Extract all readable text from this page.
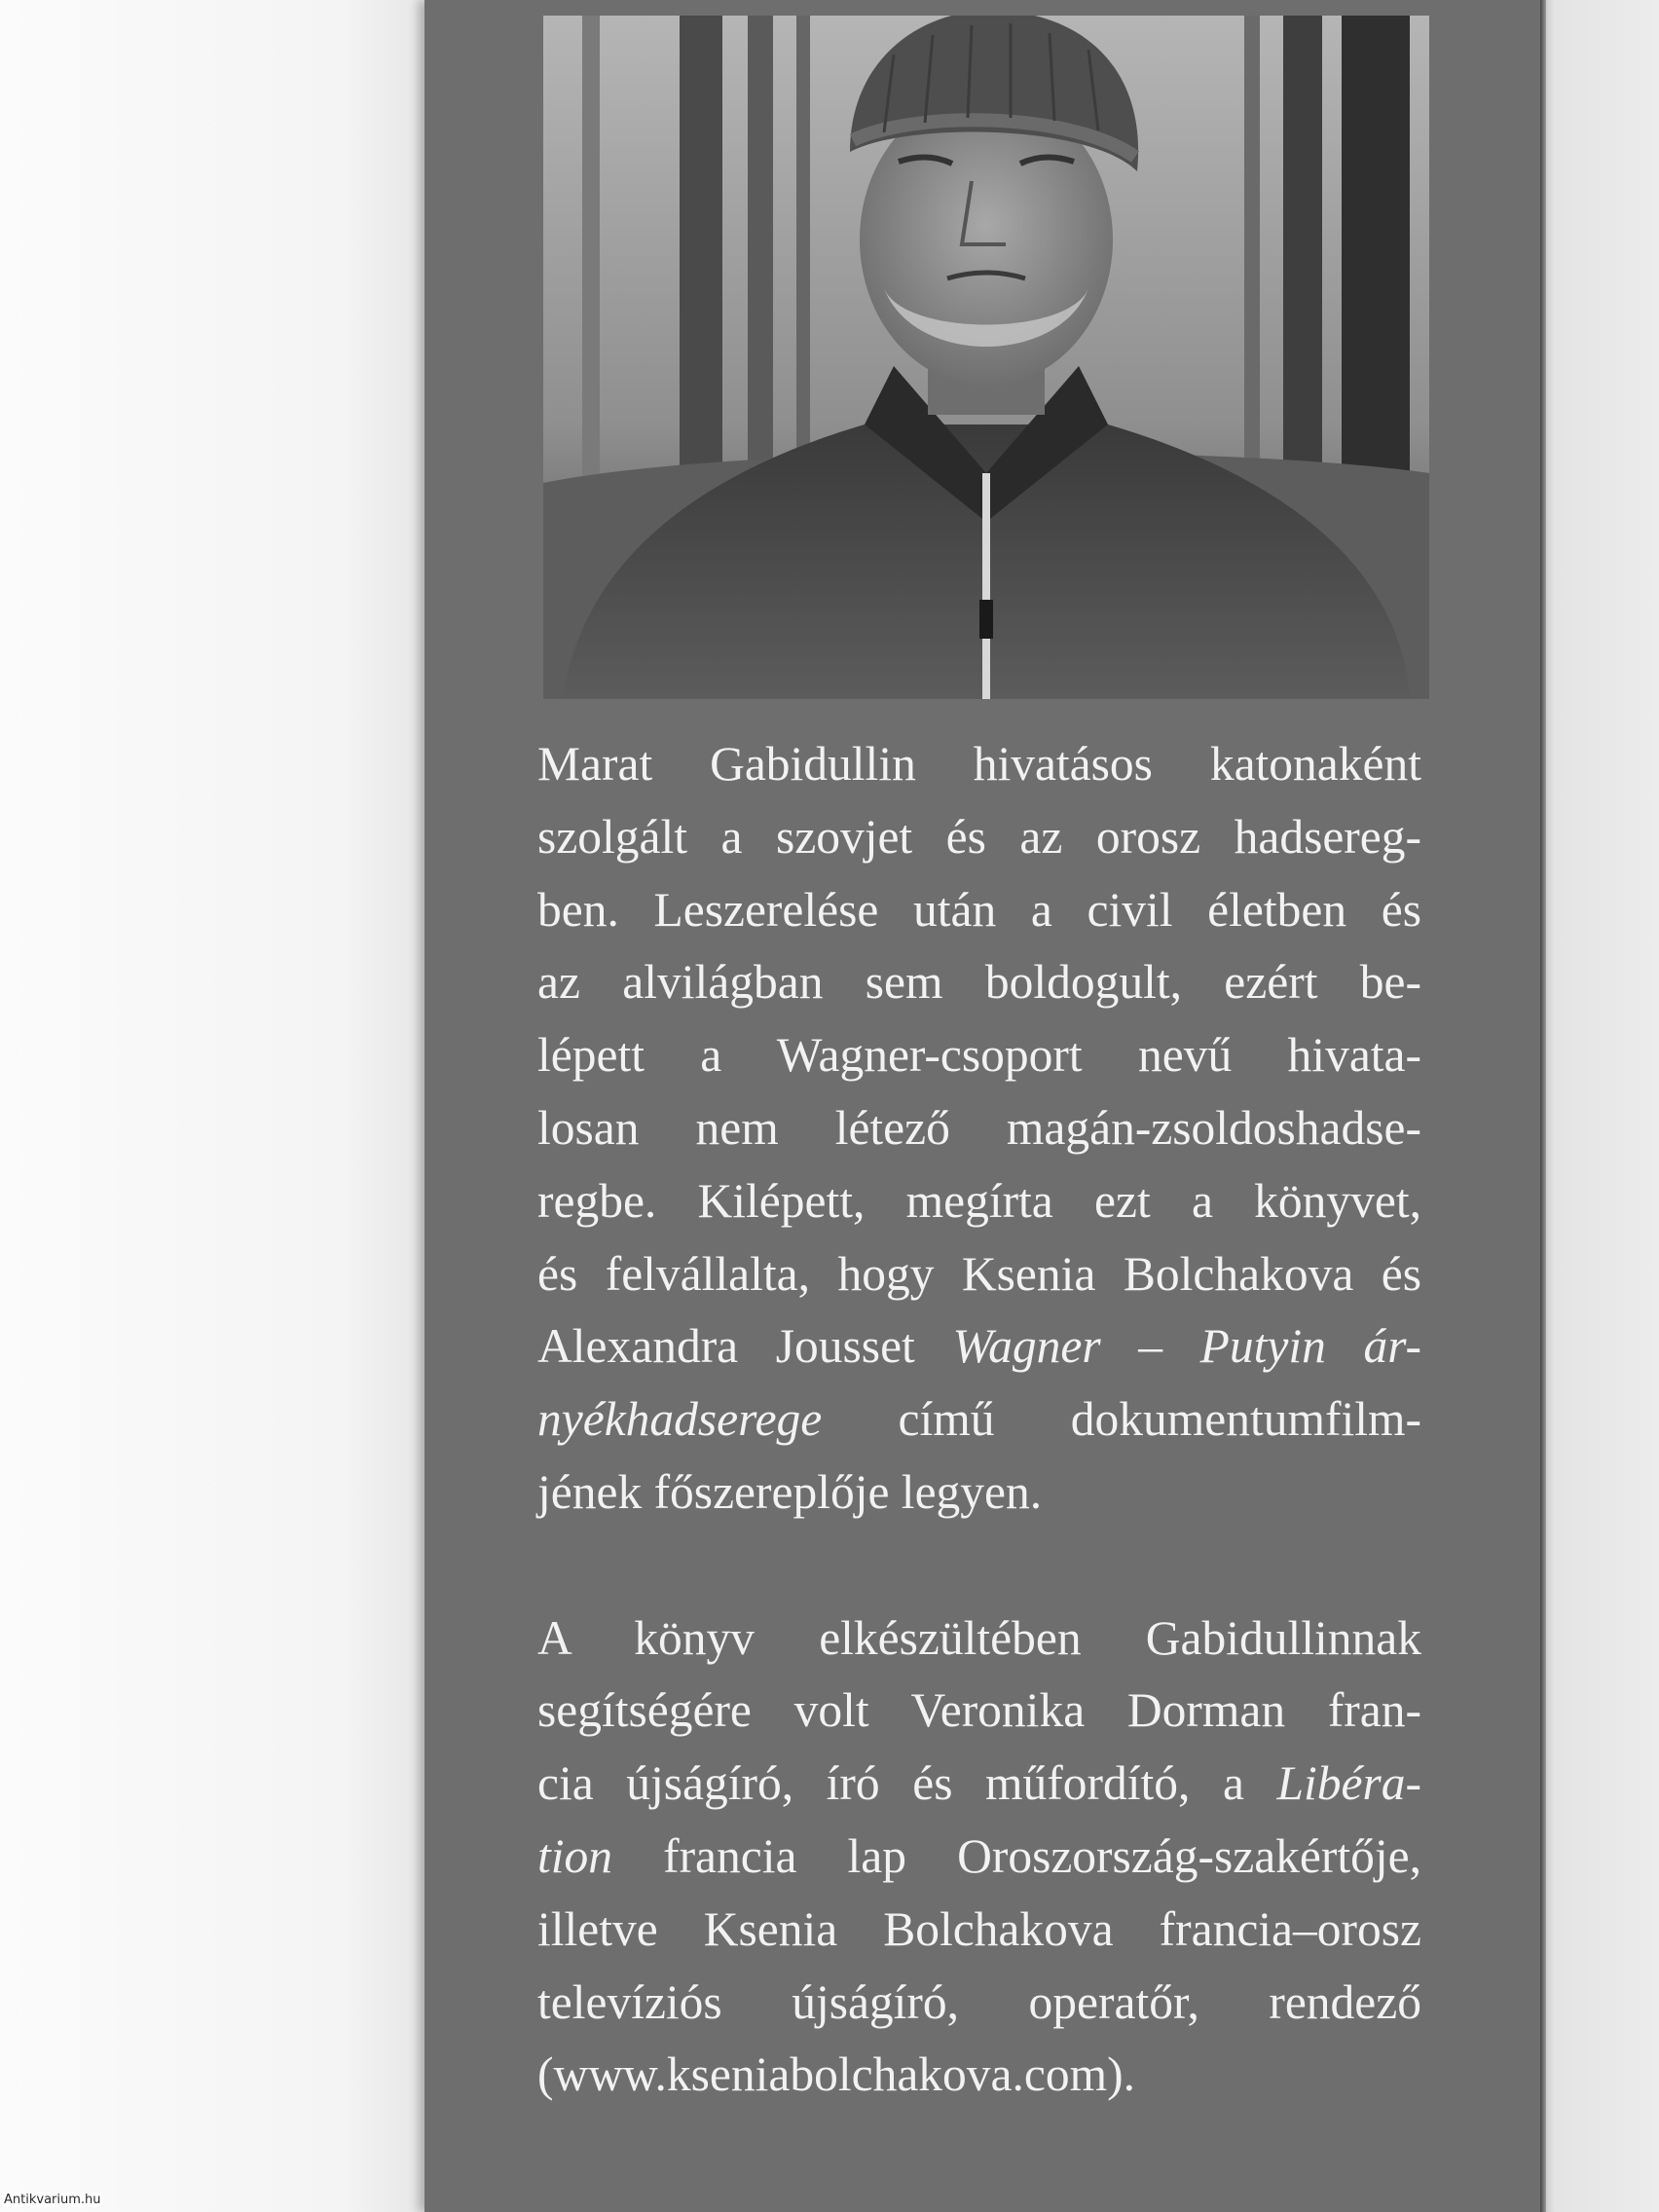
Marat Gabidullin hivatásos katonaként
szolgált a szovjet és az orosz hadsereg-
ben. Leszerelése után a civil életben és
az alvilágban sem boldogult, ezért be-
lépett a Wagner-csoport nevű hivata-
losan nem létező magán-zsoldoshadse-
regbe. Kilépett, megírta ezt a könyvet,
és felvállalta, hogy Ksenia Bolchakova és
Alexandra Jousset Wagner – Putyin ár-
nyékhadserege című dokumentumfilm-
jének főszereplője legyen.
A könyv elkészültében Gabidullinnak
segítségére volt Veronika Dorman fran-
cia újságíró, író és műfordító, a Libéra-
tion francia lap Oroszország-szakértője,
illetve Ksenia Bolchakova francia–orosz
televíziós újságíró, operatőr, rendező
(www.kseniabolchakova.com).
Antikvarium.hu
